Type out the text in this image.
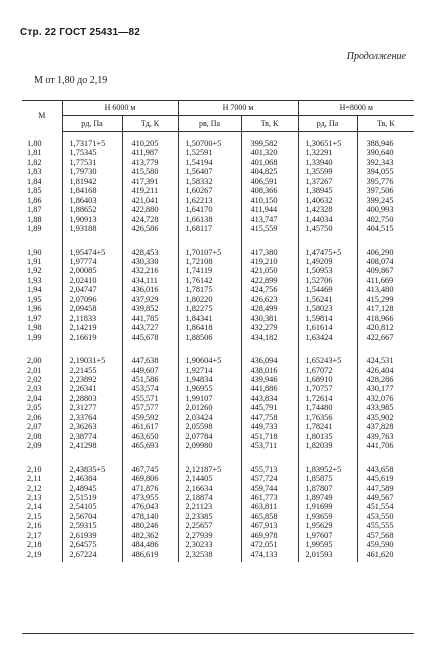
Стр. 22 ГОСТ 25431—82
Продолжение
М от 1,80 до 2,19
М	H 6000 м		H 7000 м		H=8000 м	
	pд, Па	Тд, К	pв, Па	Тв, К	pд, Па	Тв, К
1,80	1,73171+5	410,205	1,50700+5	399,582	1,30651+5	388,946
1,81	1,75345	411,987	1,52591	401,320	1,32291	390,640
1,82	1,77531	413,779	1,54194	401,068	1,33940	392,343
1,83	1,79730	415,580	1,56407	404,825	1,35599	394,055
1,84	1,81942	417,391	1,58332	406,591	1,37267	395,776
1,85	1,84168	419,211	1,60267	408,366	1,38945	397,506
1,86	1,86403	421,041	1,62213	410,150	1,40632	399,245
1,87	1,88652	422,880	1,64170	411,944	1,42328	400,993
1,88	1,90913	424,728	1,66138	413,747	1,44034	402,750
1,89	1,93188	426,586	1,68117	415,559	1,45750	404,515

1,90	1,95474+5	428,453	1,70107+5	417,380	1,47475+5	406,290
1,91	1,97774	430,330	1,72108	419,210	1,49209	408,074
1,92	2,00085	432,216	1,74119	421,050	1,50953	409,867
1,93	2,02410	434,111	1,76142	422,899	1,52706	411,669
1,94	2,04747	436,016	1,78175	424,756	1,54469	413,480
1,95	2,07096	437,929	1,80220	426,623	1,56241	415,299
1,96	2,09458	439,852	1,82275	428,499	1,58023	417,128
1,97	2,11833	441,785	1,84341	430,381	1,59814	418,966
1,98	2,14219	443,727	1,86418	432,279	1,61614	420,812
1,99	2,16619	445,678	1,88506	434,182	1,63424	422,667

2,00	2,19031+5	447,638	1,90604+5	436,094	1,65243+5	424,531
2,01	2,21455	449,607	1,92714	438,016	1,67072	426,404
2,02	2,23892	451,586	1,94834	439,946	1,68910	428,286
2,03	2,26341	453,574	1,96955	441,886	1,70757	430,177
2,04	2,28803	455,571	1,99107	443,834	1,72614	432,076
2,05	2,31277	457,577	2,01260	445,791	1,74480	433,985
2,06	2,33764	459,592	2,03424	447,758	1,76356	435,902
2,07	2,36263	461,617	2,05598	449,733	1,78241	437,828
2,08	2,38774	463,650	2,07784	451,718	1,80135	439,763
2,09	2,41298	465,693	2,09980	453,711	1,82039	441,706

2,10	2,43835+5	467,745	2,12187+5	455,713	1,83952+5	443,658
2,11	2,46384	469,806	2,14405	457,724	1,85875	445,619
2,12	2,48945	471,876	2,16634	459,744	1,87807	447,589
2,13	2,51519	473,955	2,18874	461,773	1,89749	449,567
2,14	2,54105	476,043	2,21123	463,811	1,91699	451,554
2,15	2,56704	478,140	2,23385	465,858	1,93659	453,550
2,16	2,59315	480,246	2,25657	467,913	1,95629	455,555
2,17	2,61939	482,362	2,27939	469,978	1,97607	457,568
2,18	2,64575	484,486	2,30233	472,051	1,99595	459,590
2,19	2,67224	486,619	2,32538	474,133	2,01593	461,620
